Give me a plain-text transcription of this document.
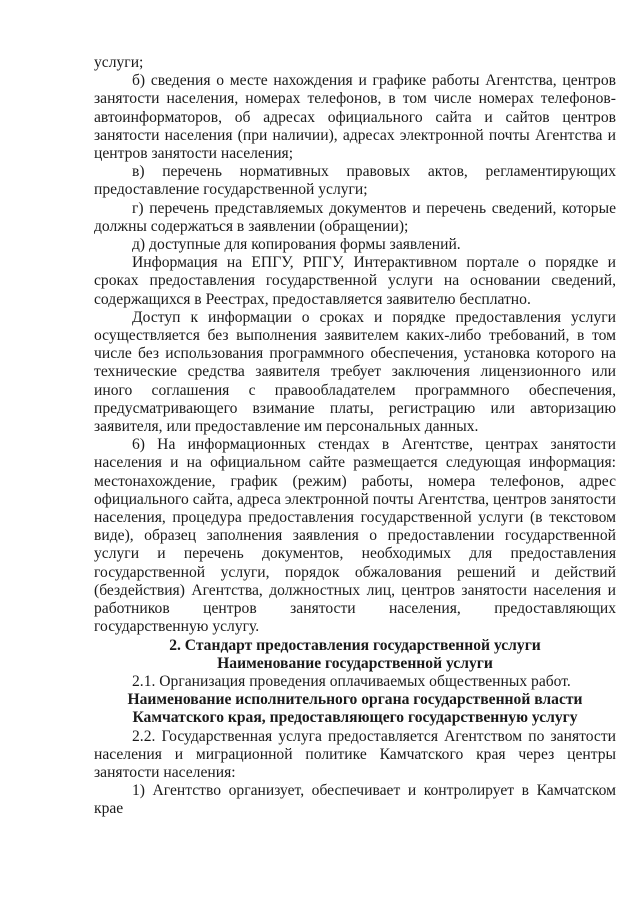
услуги;

б) сведения о месте нахождения и графике работы Агентства, центров занятости населения, номерах телефонов, в том числе номерах телефонов-автоинформаторов, об адресах официального сайта и сайтов центров занятости населения (при наличии), адресах электронной почты Агентства и центров занятости населения;

в) перечень нормативных правовых актов, регламентирующих предоставление государственной услуги;

г) перечень представляемых документов и перечень сведений, которые должны содержаться в заявлении (обращении);

д) доступные для копирования формы заявлений.

Информация на ЕПГУ, РПГУ, Интерактивном портале о порядке и сроках предоставления государственной услуги на основании сведений, содержащихся в Реестрах, предоставляется заявителю бесплатно.

Доступ к информации о сроках и порядке предоставления услуги осуществляется без выполнения заявителем каких-либо требований, в том числе без использования программного обеспечения, установка которого на технические средства заявителя требует заключения лицензионного или иного соглашения с правообладателем программного обеспечения, предусматривающего взимание платы, регистрацию или авторизацию заявителя, или предоставление им персональных данных.

6) На информационных стендах в Агентстве, центрах занятости населения и на официальном сайте размещается следующая информация: местонахождение, график (режим) работы, номера телефонов, адрес официального сайта, адреса электронной почты Агентства, центров занятости населения, процедура предоставления государственной услуги (в текстовом виде), образец заполнения заявления о предоставлении государственной услуги и перечень документов, необходимых для предоставления государственной услуги, порядок обжалования решений и действий (бездействия) Агентства, должностных лиц, центров занятости населения и работников центров занятости населения, предоставляющих государственную услугу.

2. Стандарт предоставления государственной услуги
Наименование государственной услуги

2.1. Организация проведения оплачиваемых общественных работ.

Наименование исполнительного органа государственной власти
Камчатского края, предоставляющего государственную услугу

2.2. Государственная услуга предоставляется Агентством по занятости населения и миграционной политике Камчатского края через центры занятости населения:

1) Агентство организует, обеспечивает и контролирует в Камчатском крае
